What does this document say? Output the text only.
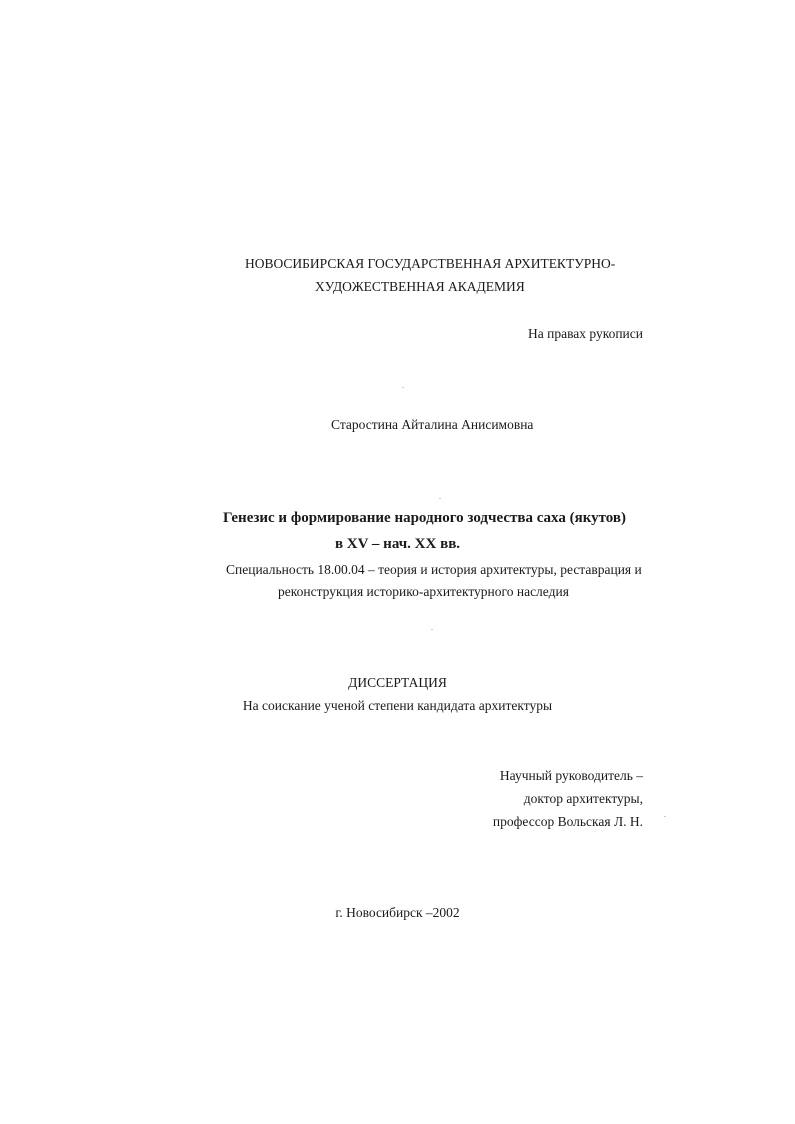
НОВОСИБИРСКАЯ ГОСУДАРСТВЕННАЯ АРХИТЕКТУРНО-
ХУДОЖЕСТВЕННАЯ АКАДЕМИЯ
На правах рукописи
Старостина Айталина Анисимовна
Генезис и формирование народного зодчества саха (якутов)
в XV – нач. XX вв.
Специальность 18.00.04 – теория и история архитектуры, реставрация и
реконструкция историко-архитектурного наследия
ДИССЕРТАЦИЯ
На соискание ученой степени кандидата архитектуры
Научный руководитель –
доктор архитектуры,
профессор Вольская Л. Н.
г. Новосибирск –2002
